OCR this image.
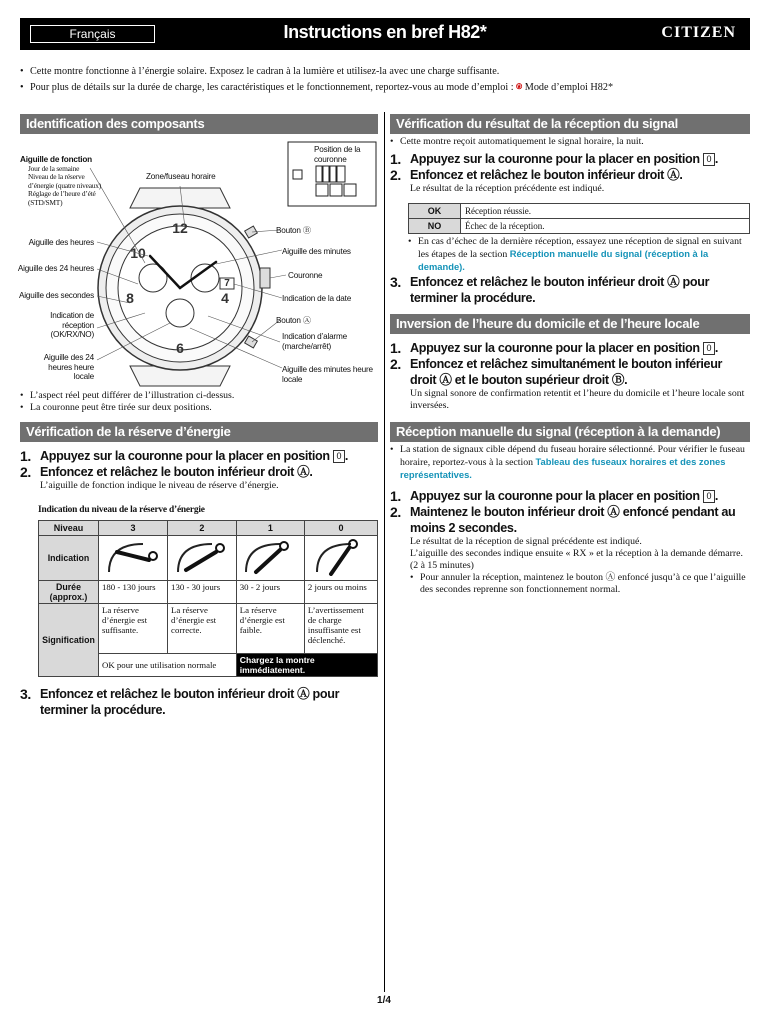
Français	Instructions en bref H82*	CITIZEN
• Cette montre fonctionne à l’énergie solaire. Exposez le cadran à la lumière et utilisez-la avec une charge suffisante.
• Pour plus de détails sur la durée de charge, les caractéristiques et le fonctionnement, reportez-vous au mode d’emploi : ⍟ Mode d’emploi H82*
Identification des composants
12
6
8	4
10
7
Position de la couronne
Aiguille de fonction
Jour de la semaine
Niveau de la réserve d’énergie (quatre niveaux)
Réglage de l’heure d’été (STD/SMT)
Zone/fuseau horaire
Aiguille des heures
Aiguille des 24 heures
Aiguille des secondes
Indication de réception (OK/RX/NO)
Aiguille des 24 heures heure locale
Bouton Ⓑ
Aiguille des minutes
Couronne
Indication de la date
Bouton Ⓐ
Indication d’alarme (marche/arrêt)
Aiguille des minutes heure locale
• L’aspect réel peut différer de l’illustration ci-dessus.
• La couronne peut être tirée sur deux positions.
Vérification de la réserve d’énergie
1. Appuyez sur la couronne pour la placer en position 0 .
2. Enfoncez et relâchez le bouton inférieur droit Ⓐ.
L’aiguille de fonction indique le niveau de réserve d’énergie.
Indication du niveau de la réserve d’énergie
Niveau	3	2	1	0
Indication				
Durée (approx.)	180 - 130 jours	130 - 30 jours	30 - 2 jours	2 jours ou moins
Signification	La réserve d’énergie est suffisante.	La réserve d’énergie est correcte.	La réserve d’énergie est faible.	L’avertissement de charge insuffisante est déclenché.
	OK pour une utilisation normale		Chargez la montre immédiatement.	
3. Enfoncez et relâchez le bouton inférieur droit Ⓐ pour terminer la procédure.
Vérification du résultat de la réception du signal
• Cette montre reçoit automatiquement le signal horaire, la nuit.
1. Appuyez sur la couronne pour la placer en position 0 .
2. Enfoncez et relâchez le bouton inférieur droit Ⓐ.
Le résultat de la réception précédente est indiqué.
OK	Réception réussie.
NO	Échec de la réception.
• En cas d’échec de la dernière réception, essayez une réception de signal en suivant les étapes de la section Réception manuelle du signal (réception à la demande).
3. Enfoncez et relâchez le bouton inférieur droit Ⓐ pour terminer la procédure.
Inversion de l’heure du domicile et de l’heure locale
1. Appuyez sur la couronne pour la placer en position 0 .
2. Enfoncez et relâchez simultanément le bouton inférieur droit Ⓐ et le bouton supérieur droit Ⓑ.
Un signal sonore de confirmation retentit et l’heure du domicile et l’heure locale sont inversées.
Réception manuelle du signal (réception à la demande)
• La station de signaux cible dépend du fuseau horaire sélectionné. Pour vérifier le fuseau horaire, reportez-vous à la section Tableau des fuseaux horaires et des zones représentatives.
1. Appuyez sur la couronne pour la placer en position 0 .
2. Maintenez le bouton inférieur droit Ⓐ enfoncé pendant au moins 2 secondes.
Le résultat de la réception de signal précédente est indiqué.
L’aiguille des secondes indique ensuite « RX » et la réception à la demande démarre. (2 à 15 minutes)
• Pour annuler la réception, maintenez le bouton Ⓐ enfoncé jusqu’à ce que l’aiguille des secondes reprenne son fonctionnement normal.
1/4
